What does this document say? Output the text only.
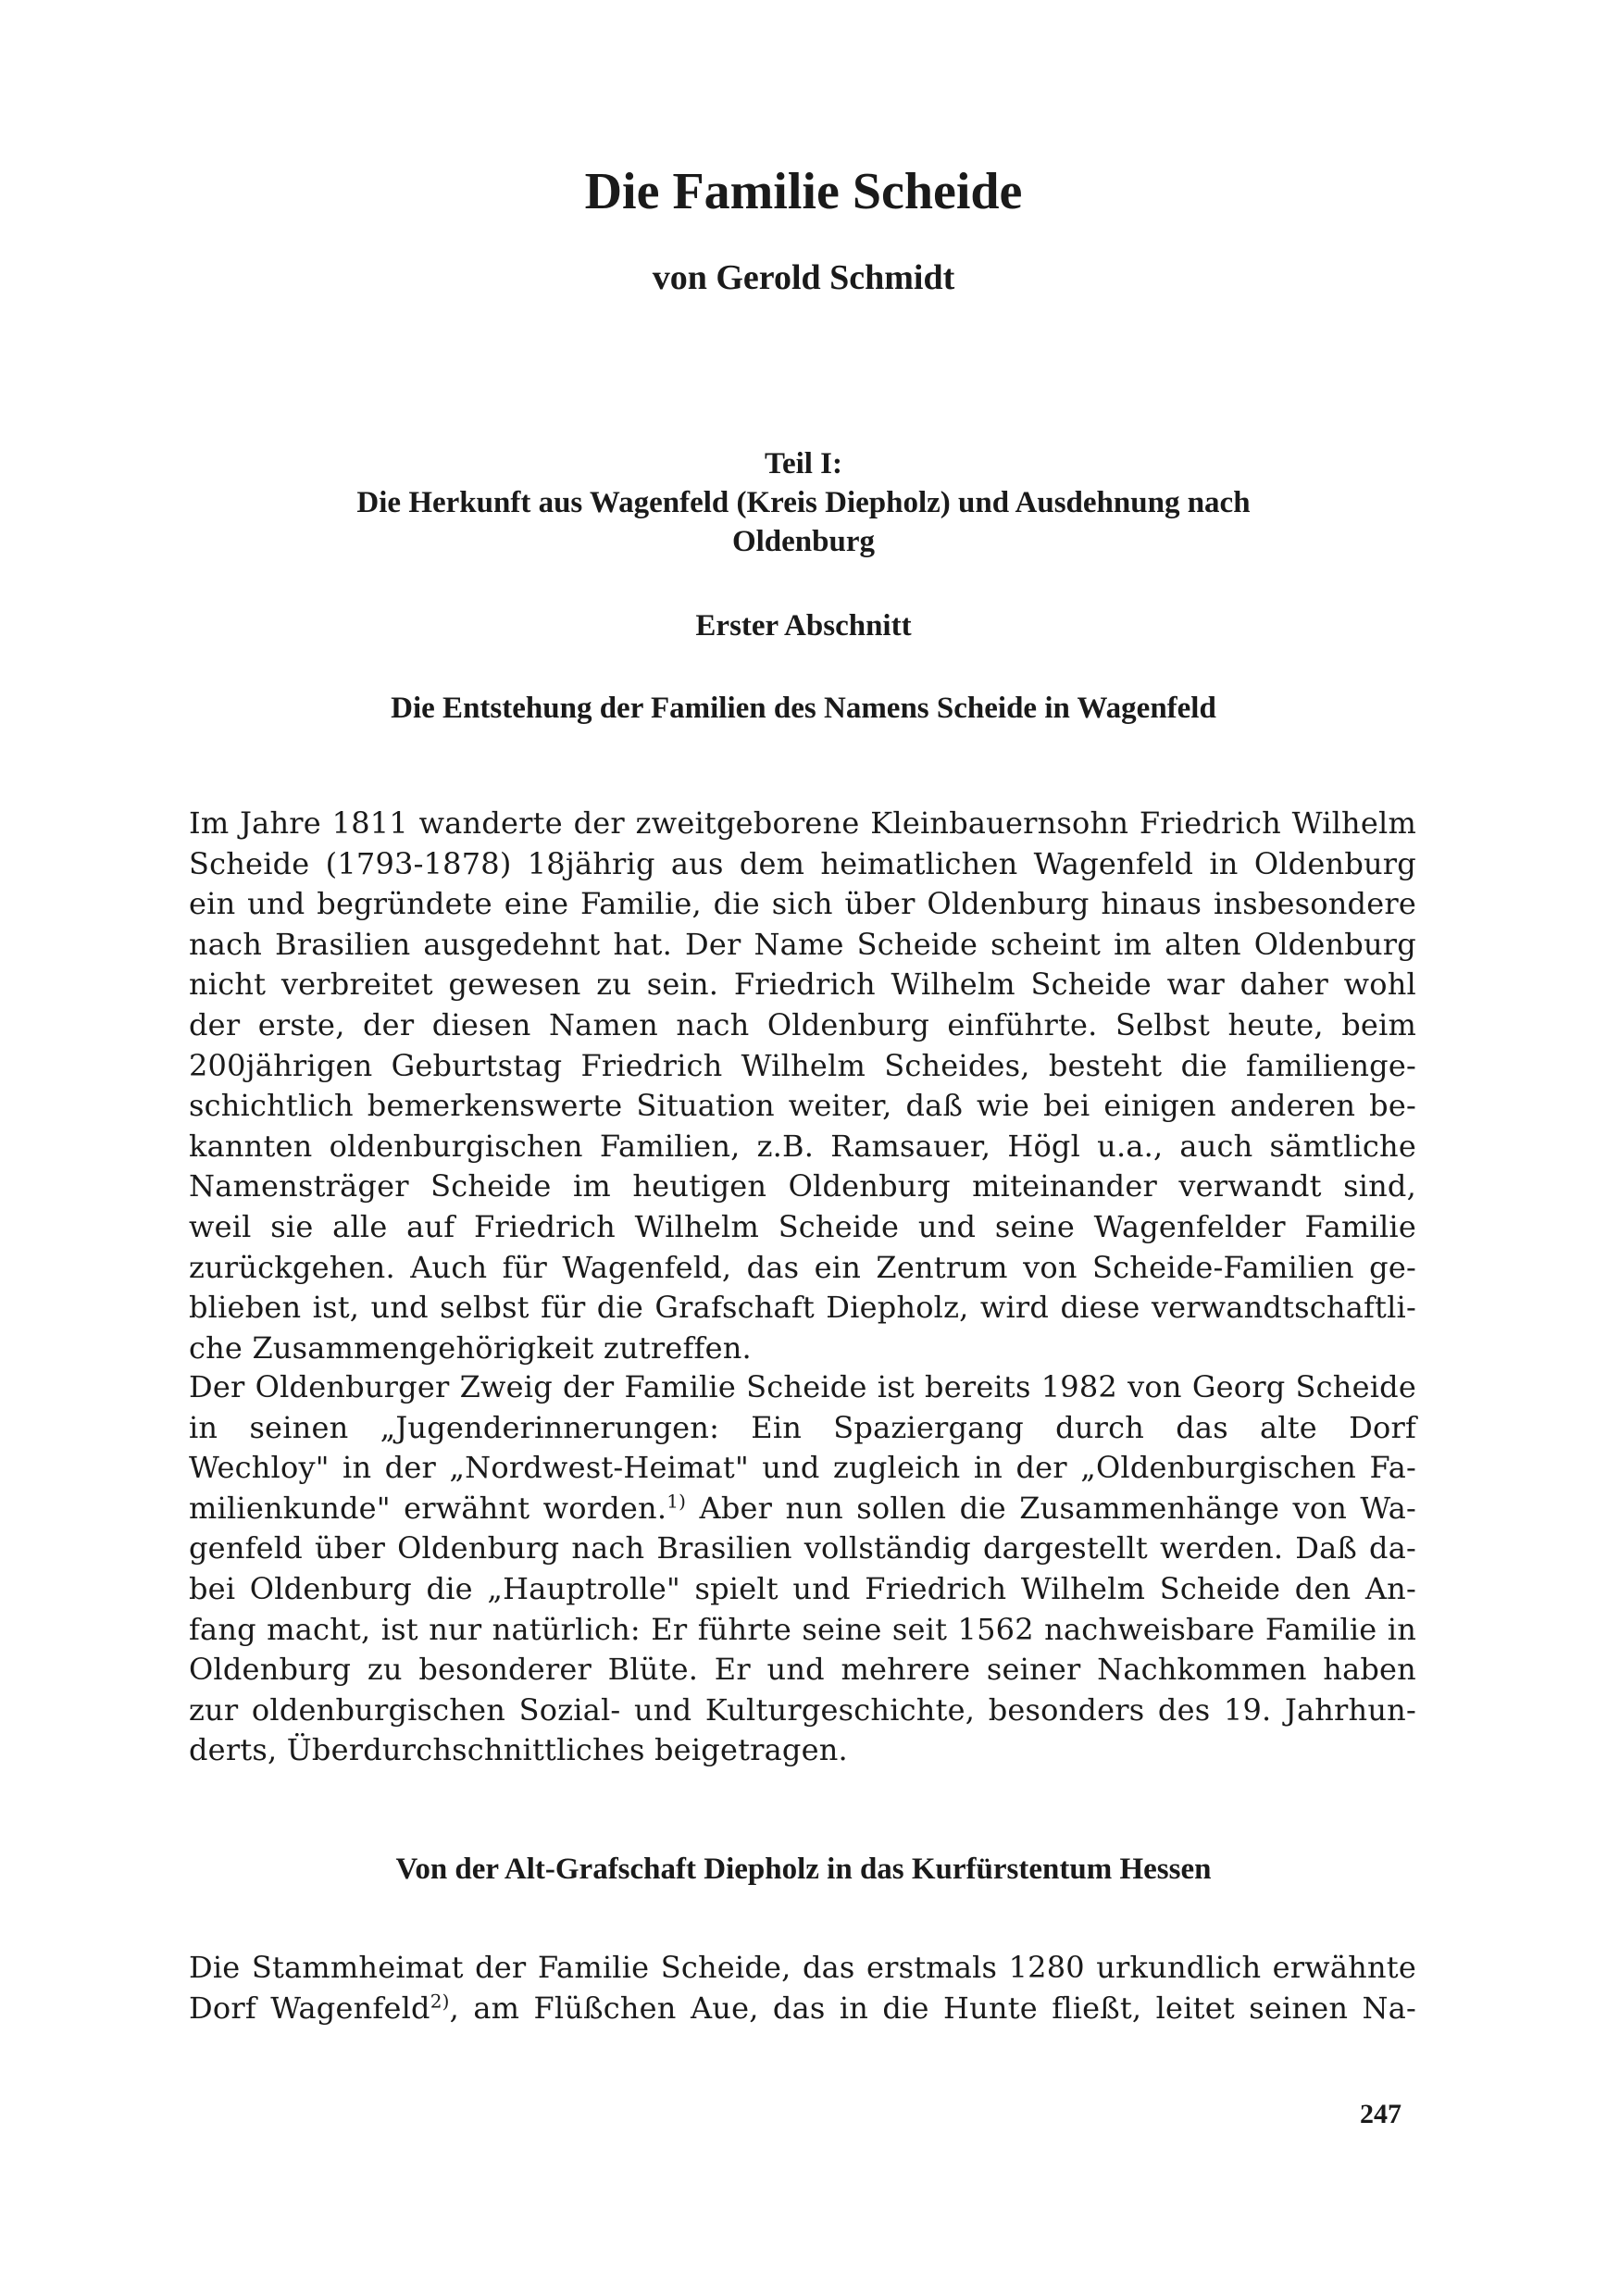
Die Familie Scheide
von Gerold Schmidt
Teil I:
Die Herkunft aus Wagenfeld (Kreis Diepholz) und Ausdehnung nach
Oldenburg
Erster Abschnitt
Die Entstehung der Familien des Namens Scheide in Wagenfeld
Im Jahre 1811 wanderte der zweitgeborene Kleinbauernsohn Friedrich Wilhelm
Scheide (1793-1878) 18jährig aus dem heimatlichen Wagenfeld in Oldenburg
ein und begründete eine Familie, die sich über Oldenburg hinaus insbesondere
nach Brasilien ausgedehnt hat. Der Name Scheide scheint im alten Oldenburg
nicht verbreitet gewesen zu sein. Friedrich Wilhelm Scheide war daher wohl
der erste, der diesen Namen nach Oldenburg einführte. Selbst heute, beim
200jährigen Geburtstag Friedrich Wilhelm Scheides, besteht die familienge-
schichtlich bemerkenswerte Situation weiter, daß wie bei einigen anderen be-
kannten oldenburgischen Familien, z.B. Ramsauer, Högl u.a., auch sämtliche
Namensträger Scheide im heutigen Oldenburg miteinander verwandt sind,
weil sie alle auf Friedrich Wilhelm Scheide und seine Wagenfelder Familie
zurückgehen. Auch für Wagenfeld, das ein Zentrum von Scheide-Familien ge-
blieben ist, und selbst für die Grafschaft Diepholz, wird diese verwandtschaftli-
che Zusammengehörigkeit zutreffen.
Der Oldenburger Zweig der Familie Scheide ist bereits 1982 von Georg Scheide
in seinen „Jugenderinnerungen: Ein Spaziergang durch das alte Dorf
Wechloy" in der „Nordwest-Heimat" und zugleich in der „Oldenburgischen Fa-
milienkunde" erwähnt worden.$^{1)}$ Aber nun sollen die Zusammenhänge von Wa-
genfeld über Oldenburg nach Brasilien vollständig dargestellt werden. Daß da-
bei Oldenburg die „Hauptrolle" spielt und Friedrich Wilhelm Scheide den An-
fang macht, ist nur natürlich: Er führte seine seit 1562 nachweisbare Familie in
Oldenburg zu besonderer Blüte. Er und mehrere seiner Nachkommen haben
zur oldenburgischen Sozial- und Kulturgeschichte, besonders des 19. Jahrhun-
derts, Überdurchschnittliches beigetragen.
Von der Alt-Grafschaft Diepholz in das Kurfürstentum Hessen
Die Stammheimat der Familie Scheide, das erstmals 1280 urkundlich erwähnte
Dorf Wagenfeld$^{2)}$, am Flüßchen Aue, das in die Hunte fließt, leitet seinen Na-
247
